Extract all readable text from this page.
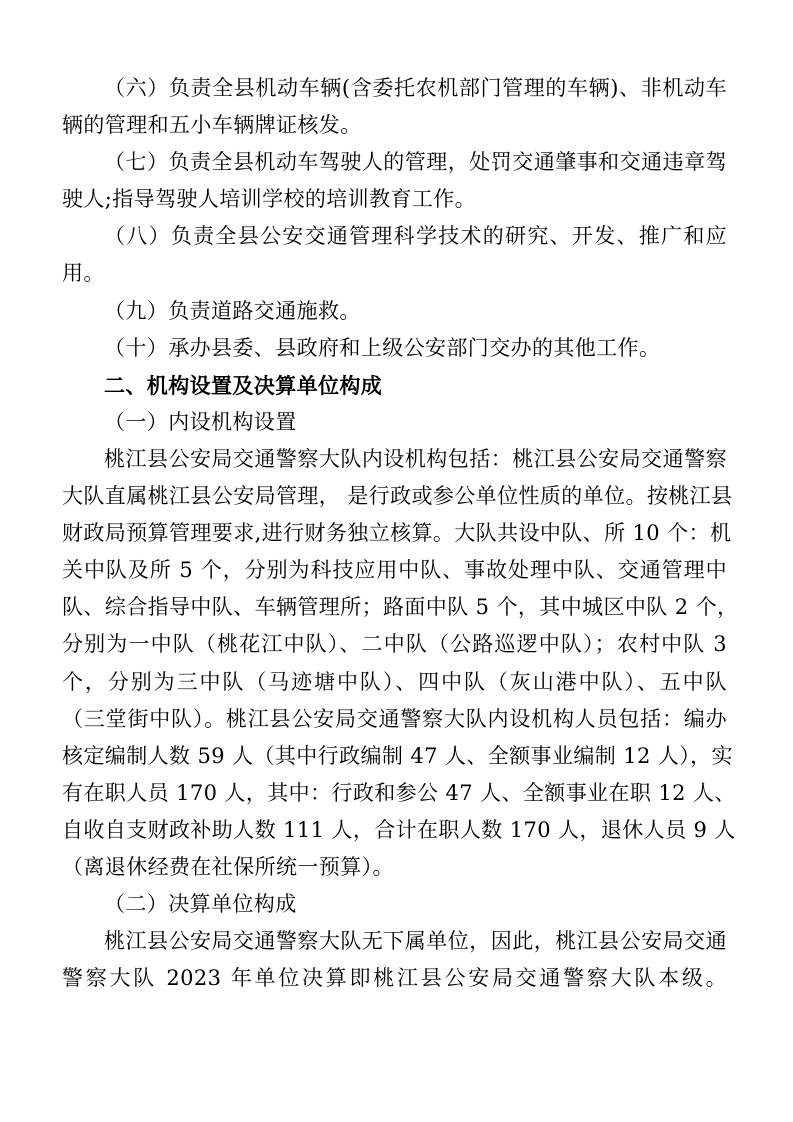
（六）负责全县机动车辆(含委托农机部门管理的车辆)、非机动车
辆的管理和五小车辆牌证核发。
（七）负责全县机动车驾驶人的管理，处罚交通肇事和交通违章驾
驶人;指导驾驶人培训学校的培训教育工作。
（八）负责全县公安交通管理科学技术的研究、开发、推广和应
用。
（九）负责道路交通施救。
（十）承办县委、县政府和上级公安部门交办的其他工作。
二、机构设置及决算单位构成
（一）内设机构设置
桃江县公安局交通警察大队内设机构包括：桃江县公安局交通警察
大队直属桃江县公安局管理， 是行政或参公单位性质的单位。按桃江县
财政局预算管理要求,进行财务独立核算。大队共设中队、所 10 个：机
关中队及所 5 个，分别为科技应用中队、事故处理中队、交通管理中
队、综合指导中队、车辆管理所；路面中队 5 个，其中城区中队 2 个，
分别为一中队（桃花江中队）、二中队（公路巡逻中队）；农村中队 3
个，分别为三中队（马迹塘中队）、四中队（灰山港中队）、五中队
（三堂街中队）。桃江县公安局交通警察大队内设机构人员包括：编办
核定编制人数 59 人（其中行政编制 47 人、全额事业编制 12 人），实
有在职人员 170 人，其中：行政和参公 47 人、全额事业在职 12 人、
自收自支财政补助人数 111 人，合计在职人数 170 人，退休人员 9 人
（离退休经费在社保所统一预算）。
（二）决算单位构成
桃江县公安局交通警察大队无下属单位，因此，桃江县公安局交通
警察大队 2023 年单位决算即桃江县公安局交通警察大队本级。
